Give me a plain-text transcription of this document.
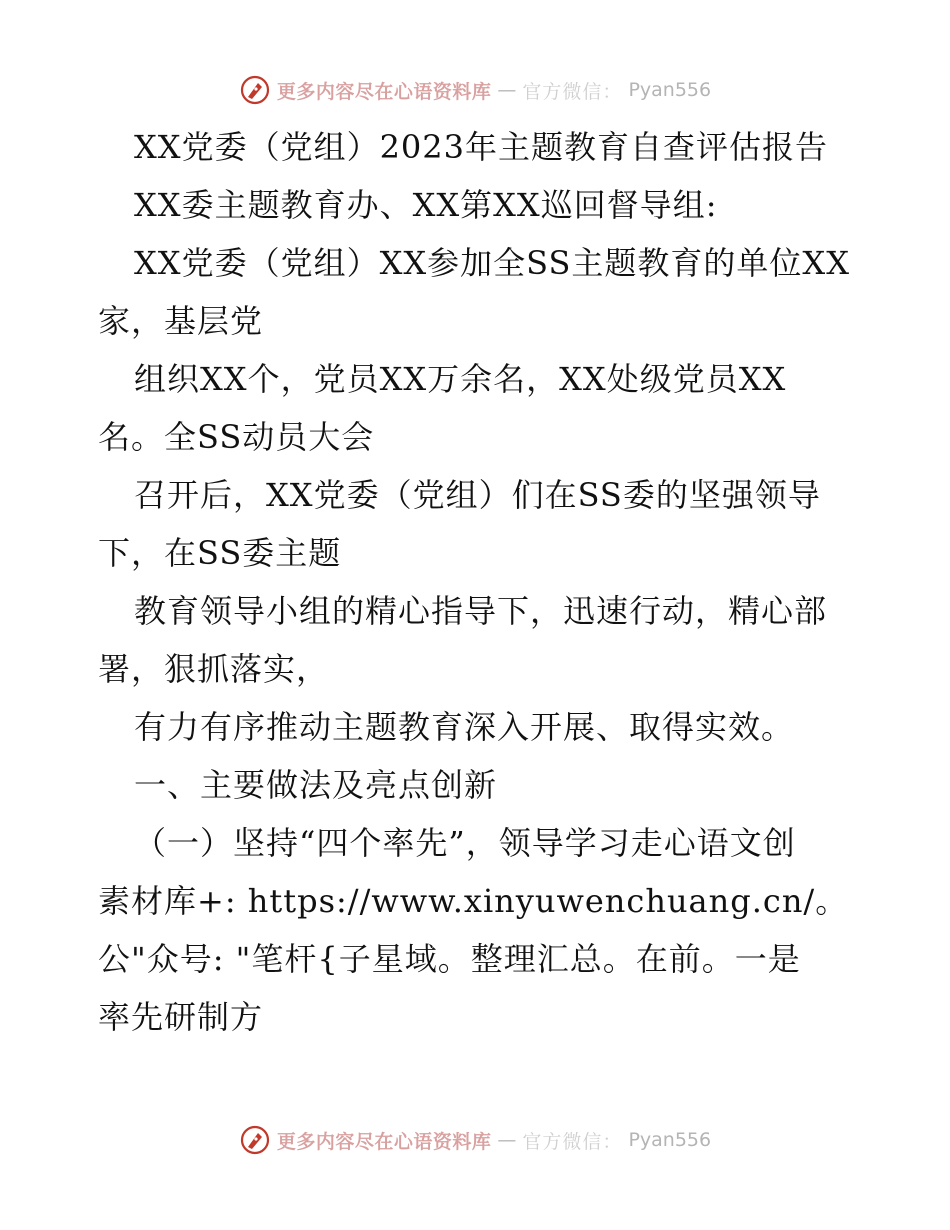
更多内容尽在心语资料库 — 官方微信： Pyan556
XX党委（党组）2023年主题教育自查评估报告
XX委主题教育办、XX第XX巡回督导组:
XX党委（党组）XX参加全SS主题教育的单位XX
家，基层党
组织XX个，党员XX万余名，XX处级党员XX
名。全SS动员大会
召开后，XX党委（党组）们在SS委的坚强领导
下，在SS委主题
教育领导小组的精心指导下，迅速行动，精心部
署，狠抓落实，
有力有序推动主题教育深入开展、取得实效。
一、主要做法及亮点创新
（一）坚持“四个率先”，领导学习走心语文创
素材库+: https://www.xinyuwenchuang.cn/。
公"众号: "笔杆{子星域。整理汇总。在前。一是
率先研制方
更多内容尽在心语资料库 — 官方微信： Pyan556
